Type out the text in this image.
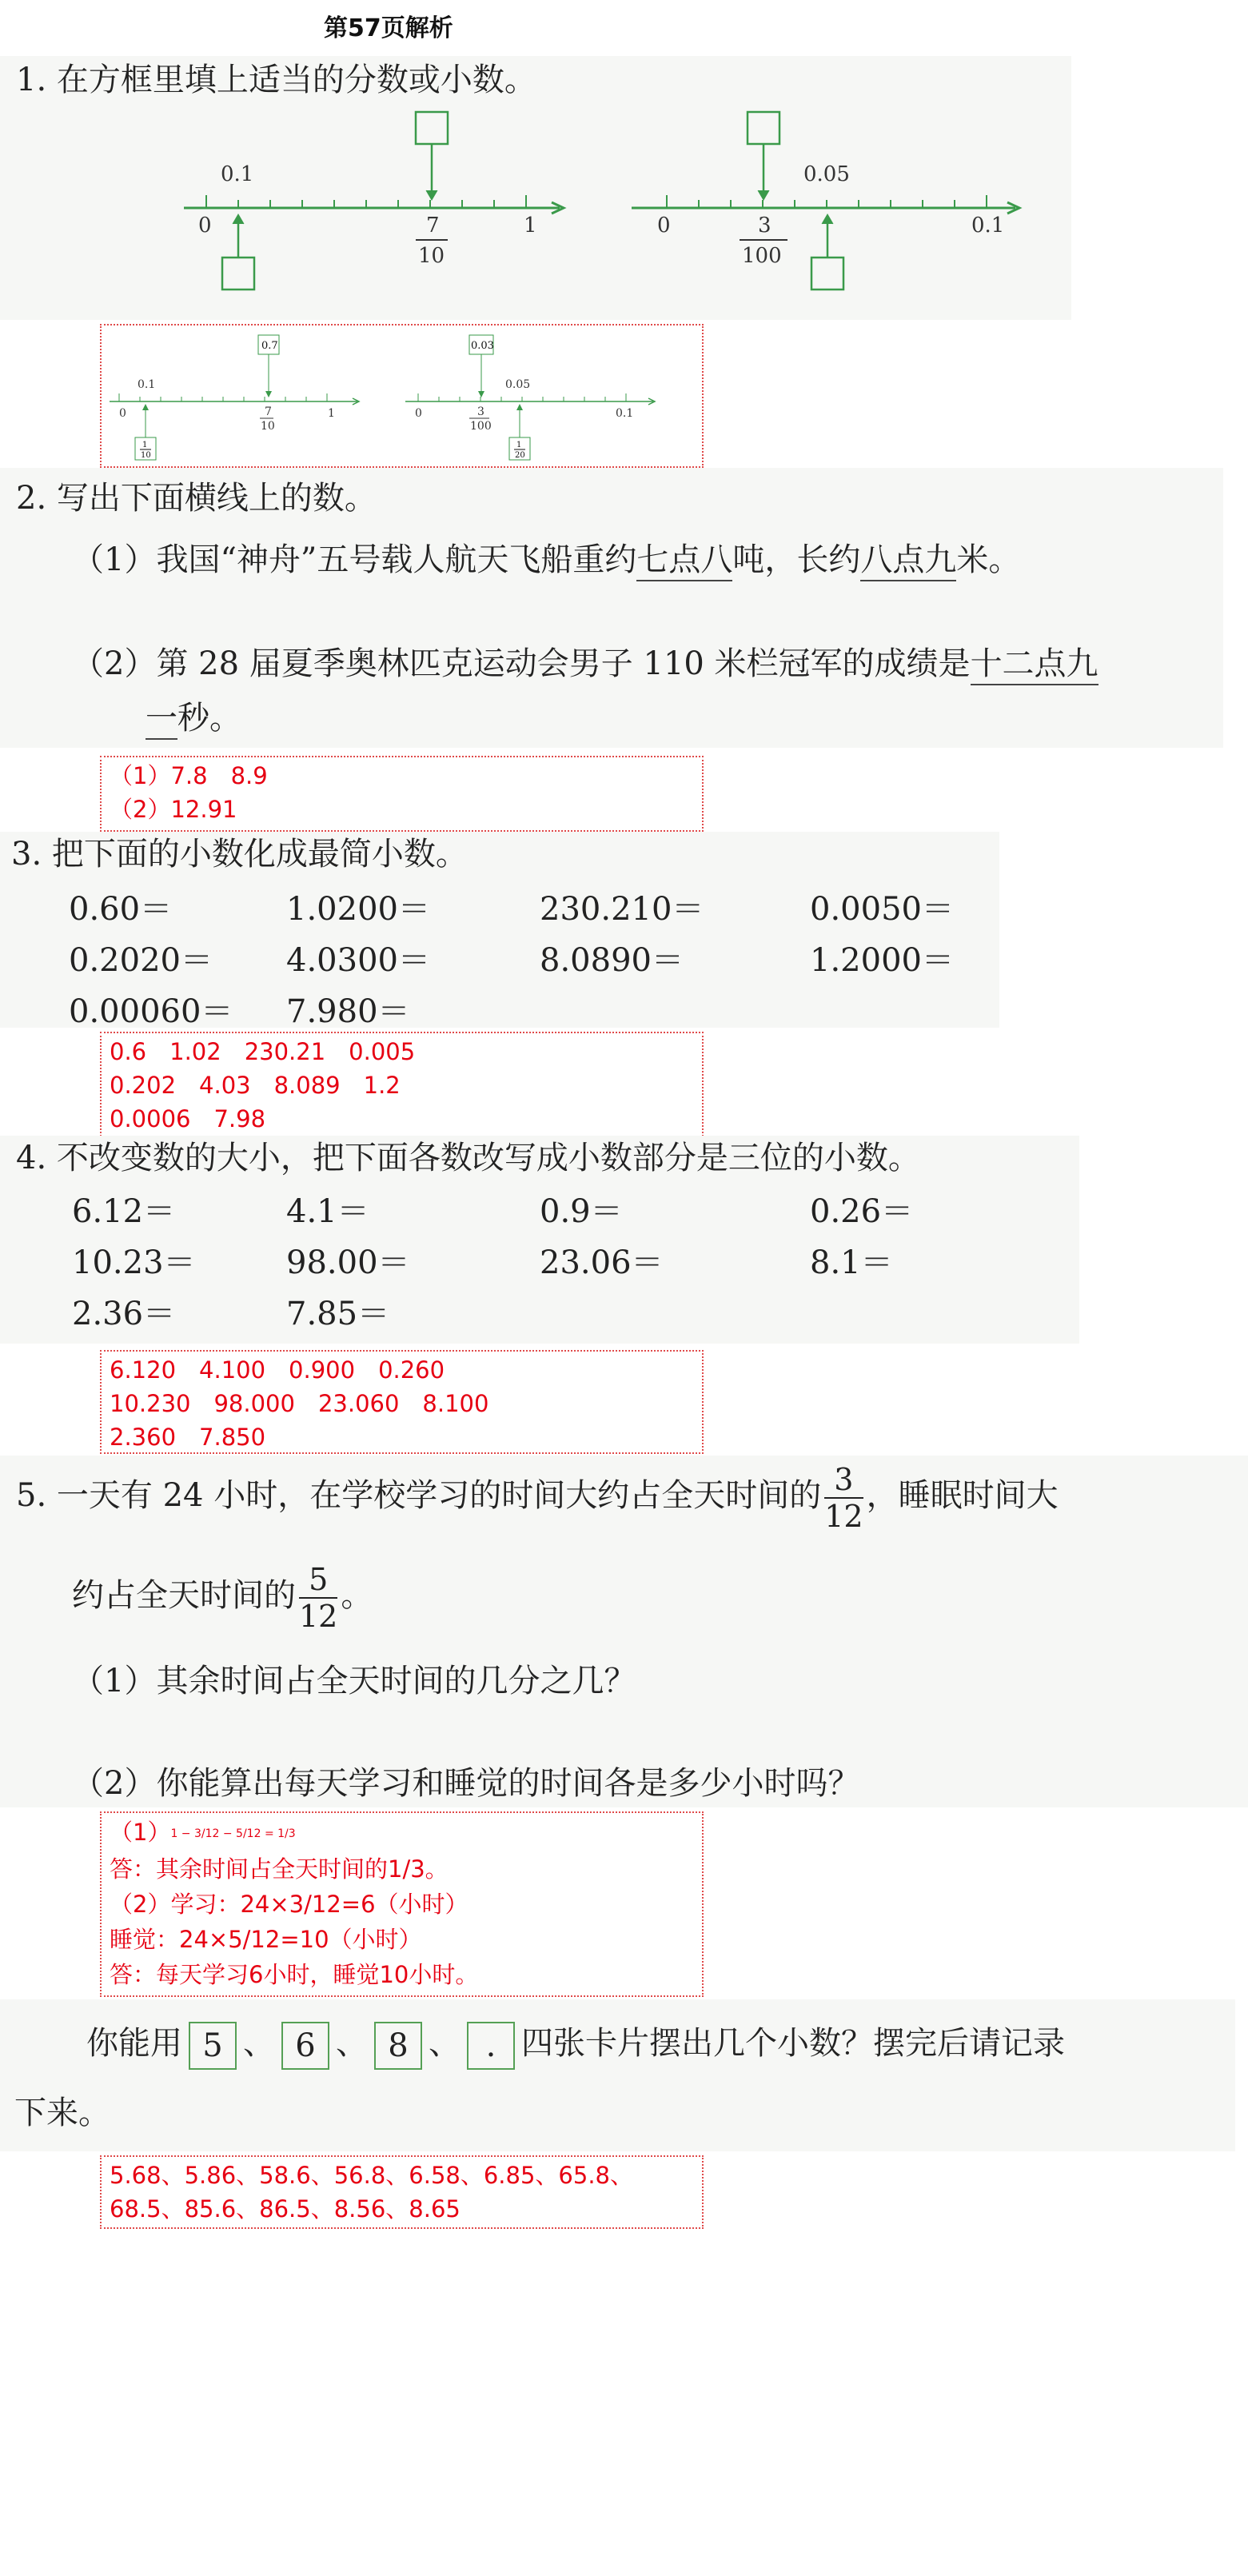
第57页解析
1. 在方框里填上适当的分数或小数。
0.1
0	1
7
10
0.05
0	0.1
3
100
0.1
0	1
7
10
0.05
0	0.1
3
100
0.7	0.03
1
10
1
20
2. 写出下面横线上的数。
（1）我国“神舟”五号载人航天飞船重约七点八吨，长约八点九米。
（2）第 28 届夏季奥林匹克运动会男子 110 米栏冠军的成绩是十二点九
一秒。
（1）7.8　8.9
（2）12.91
3. 把下面的小数化成最简小数。
0.60＝	1.0200＝	230.210＝	0.0050＝
0.2020＝ 4.0300＝	8.0890＝	1.2000＝
0.00060＝ 7.980＝
0.6　1.02　230.21　0.005
0.202　4.03　8.089　1.2
0.0006　7.98
4. 不改变数的大小，把下面各数改写成小数部分是三位的小数。
6.12＝	4.1＝	0.9＝	0.26＝
10.23＝	98.00＝	23.06＝	8.1＝
2.36＝	7.85＝
6.120　4.100　0.900　0.260
10.230　98.000　23.060　8.100
2.360　7.850
5. 一天有 24 小时，在学校学习的时间大约占全天时间的 $\frac{3}{12}$ ，睡眠时间大
约占全天时间的 $\frac{5}{12}$ 。
（1）其余时间占全天时间的几分之几？
（2）你能算出每天学习和睡觉的时间各是多少小时吗？
（1）1 − 3/12 − 5/12 = 1/3
答：其余时间占全天时间的1/3。
（2）学习：24×3/12=6（小时）
睡觉：24×5/12=10（小时）
答：每天学习6小时，睡觉10小时。
你能用 5 、 6 、 8 、 . 四张卡片摆出几个小数？摆完后请记录
下来。
5.68、5.86、58.6、56.8、6.58、6.85、65.8、
68.5、85.6、86.5、8.56、8.65
